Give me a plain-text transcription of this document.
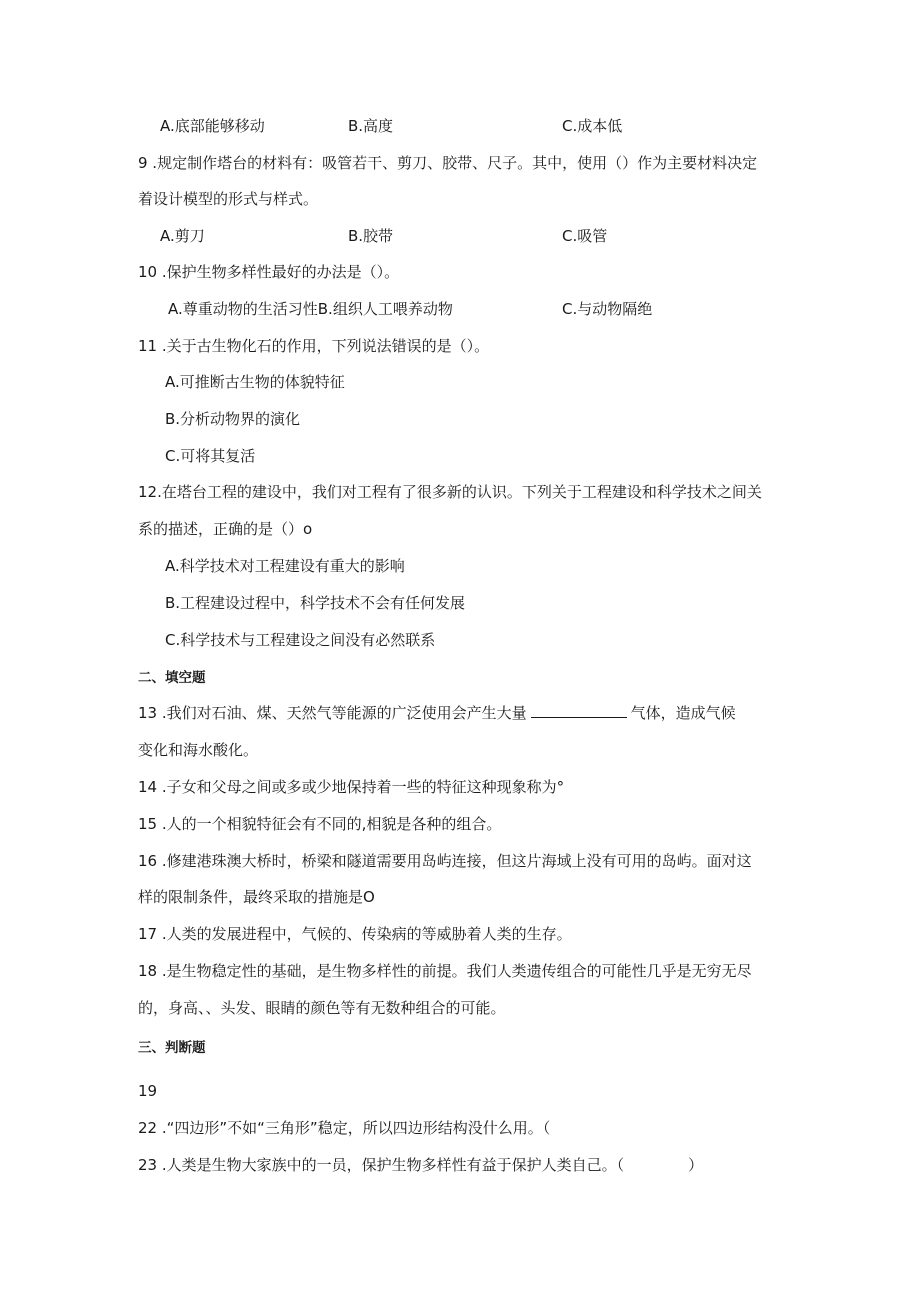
A.底部能够移动	B.高度	C.成本低
9 .规定制作塔台的材料有：吸管若干、剪刀、胶带、尺子。其中，使用（）作为主要材料决定
着设计模型的形式与样式。
A.剪刀	B.胶带	C.吸管
10 .保护生物多样性最好的办法是（）。
A.尊重动物的生活习性B.组织人工喂养动物	C.与动物隔绝
11 .关于古生物化石的作用，下列说法错误的是（）。
A.可推断古生物的体貌特征
B.分析动物界的演化
C.可将其复活
12.在塔台工程的建设中，我们对工程有了很多新的认识。下列关于工程建设和科学技术之间关
系的描述，正确的是（）o
A.科学技术对工程建设有重大的影响
B.工程建设过程中，科学技术不会有任何发展
C.科学技术与工程建设之间没有必然联系
二、填空题
13 .我们对石油、煤、天然气等能源的广泛使用会产生大量	气体，造成气候
变化和海水酸化。
14 .子女和父母之间或多或少地保持着一些的特征这种现象称为°
15 .人的一个相貌特征会有不同的,相貌是各种的组合。
16 .修建港珠澳大桥时，桥梁和隧道需要用岛屿连接，但这片海域上没有可用的岛屿。面对这
样的限制条件，最终采取的措施是O
17 .人类的发展进程中，气候的、传染病的等威胁着人类的生存。
18 .是生物稳定性的基础，是生物多样性的前提。我们人类遗传组合的可能性几乎是无穷无尽
的，身高、、头发、眼睛的颜色等有无数种组合的可能。
三、判断题
19
22 .“四边形”不如“三角形”稳定，所以四边形结构没什么用。（
23 .人类是生物大家族中的一员，保护生物多样性有益于保护人类自己。（	）
